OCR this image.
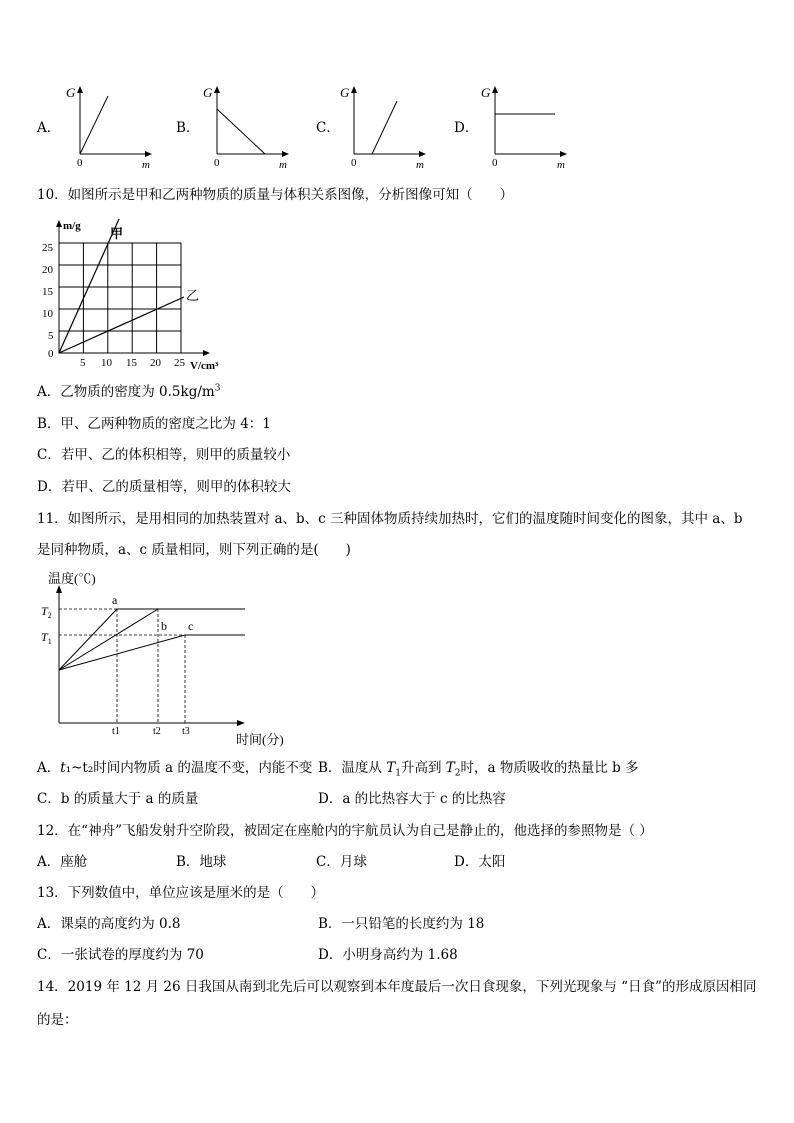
A．	B．	C．	D．
G
0	m
G
0	m
G
0	m
G
0	m
10．如图所示是甲和乙两种物质的质量与体积关系图像，分析图像可知（　　）
m/g 甲
乙
25
20
15
10
5
0
5 10 15 20 25 V/cm³
A．乙物质的密度为 $0.5kg/m^3$
B．甲、乙两种物质的密度之比为 4：1
C．若甲、乙的体积相等，则甲的质量较小
D．若甲、乙的质量相等，则甲的体积较大
11．如图所示，是用相同的加热装置对 a、b、c 三种固体物质持续加热时，它们的温度随时间变化的图象，其中 a、b
是同种物质，a、c 质量相同，则下列正确的是(　　)
温度(℃)
时间(分)
$T_2$
$T_1$
a
b c
t1	t2 t3
A．t₁~t₂时间内物质 a 的温度不变，内能不变 B．温度从 $T_1$升高到 $T_2$时，a 物质吸收的热量比 b 多
C．b 的质量大于 a 的质量	D．a 的比热容大于 c 的比热容
12．在“神舟”飞船发射升空阶段，被固定在座舱内的宇航员认为自己是静止的，他选择的参照物是（ ）
A．座舱	B．地球	C．月球	D．太阳
13．下列数值中，单位应该是厘米的是（　　）
A．课桌的高度约为 0.8	B．一只铅笔的长度约为 18
C．一张试卷的厚度约为 70	D．小明身高约为 1.68
14．2019 年 12 月 26 日我国从南到北先后可以观察到本年度最后一次日食现象，下列光现象与 “日食”的形成原因相同
的是：
